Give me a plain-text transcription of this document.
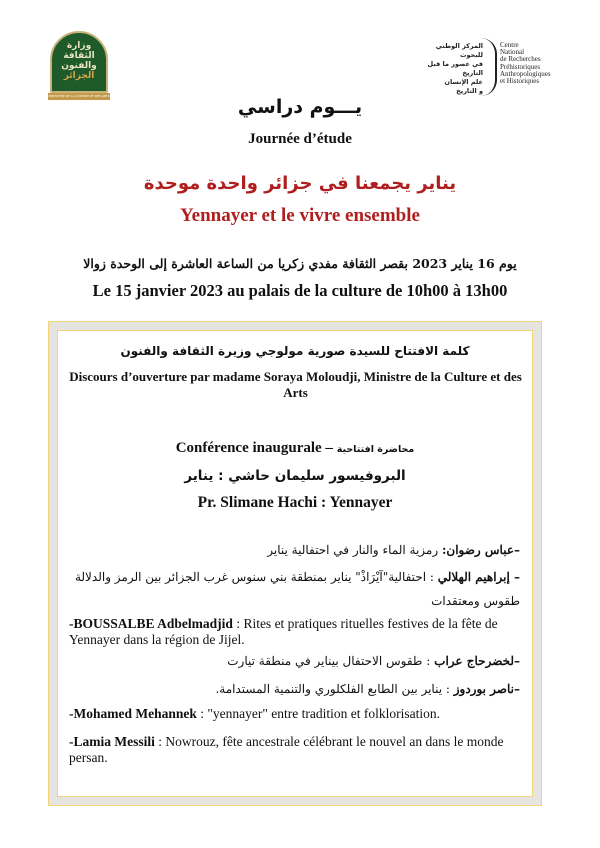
وزارة
الثقافة
والفنون
الجزائر
MINISTERE DE LA CULTURE ET DES ARTS
المركز الوطني
للبحوث
في عصور ما قبل التاريخ
علم الإنسان
و التاريخ
Centre
National
de Recherches
Préhistoriques
Anthropologiques
et Historiques
يـــوم دراسي
Journée d’étude
يناير يجمعنا في جزائر واحدة موحدة
Yennayer et le vivre ensemble
يوم 16 يناير 2023 بقصر الثقافة مفدي زكريا من الساعة العاشرة إلى الوحدة زوالا
Le 15 janvier 2023 au palais de la culture de 10h00 à 13h00
كلمة الافتتاح للسيدة صورية مولوجي وزيرة الثقافة والفنون
Discours d’ouverture par madame Soraya Moloudji, Ministre de la Culture et des Arts
Conférence inaugurale – محاضرة افتتاحية
البروفيسور سليمان حاشي : يناير
Pr. Slimane Hachi : Yennayer
–عباس رضوان: رمزية الماء والنار في احتفالية يناير
– إبراهيم الهلالي : احتفالية"آيْرَاذْ" يناير بمنطقة بني سنوس غرب الجزائر بين الرمز والدلالة
طقوس ومعتقدات
-BOUSSALBE Adbelmadjid : Rites et pratiques rituelles festives de la fête de Yennayer dans la région de Jijel.
–لخضرحاج عراب : طقوس الاحتفال بيناير في منطقة تيارت
–ناصر بوردوز : يناير بين الطابع الفلكلوري والتنمية المستدامة.
-Mohamed Mehannek : "yennayer" entre tradition et folklorisation.
-Lamia Messili : Nowrouz, fête ancestrale célébrant le nouvel an dans le monde persan.
